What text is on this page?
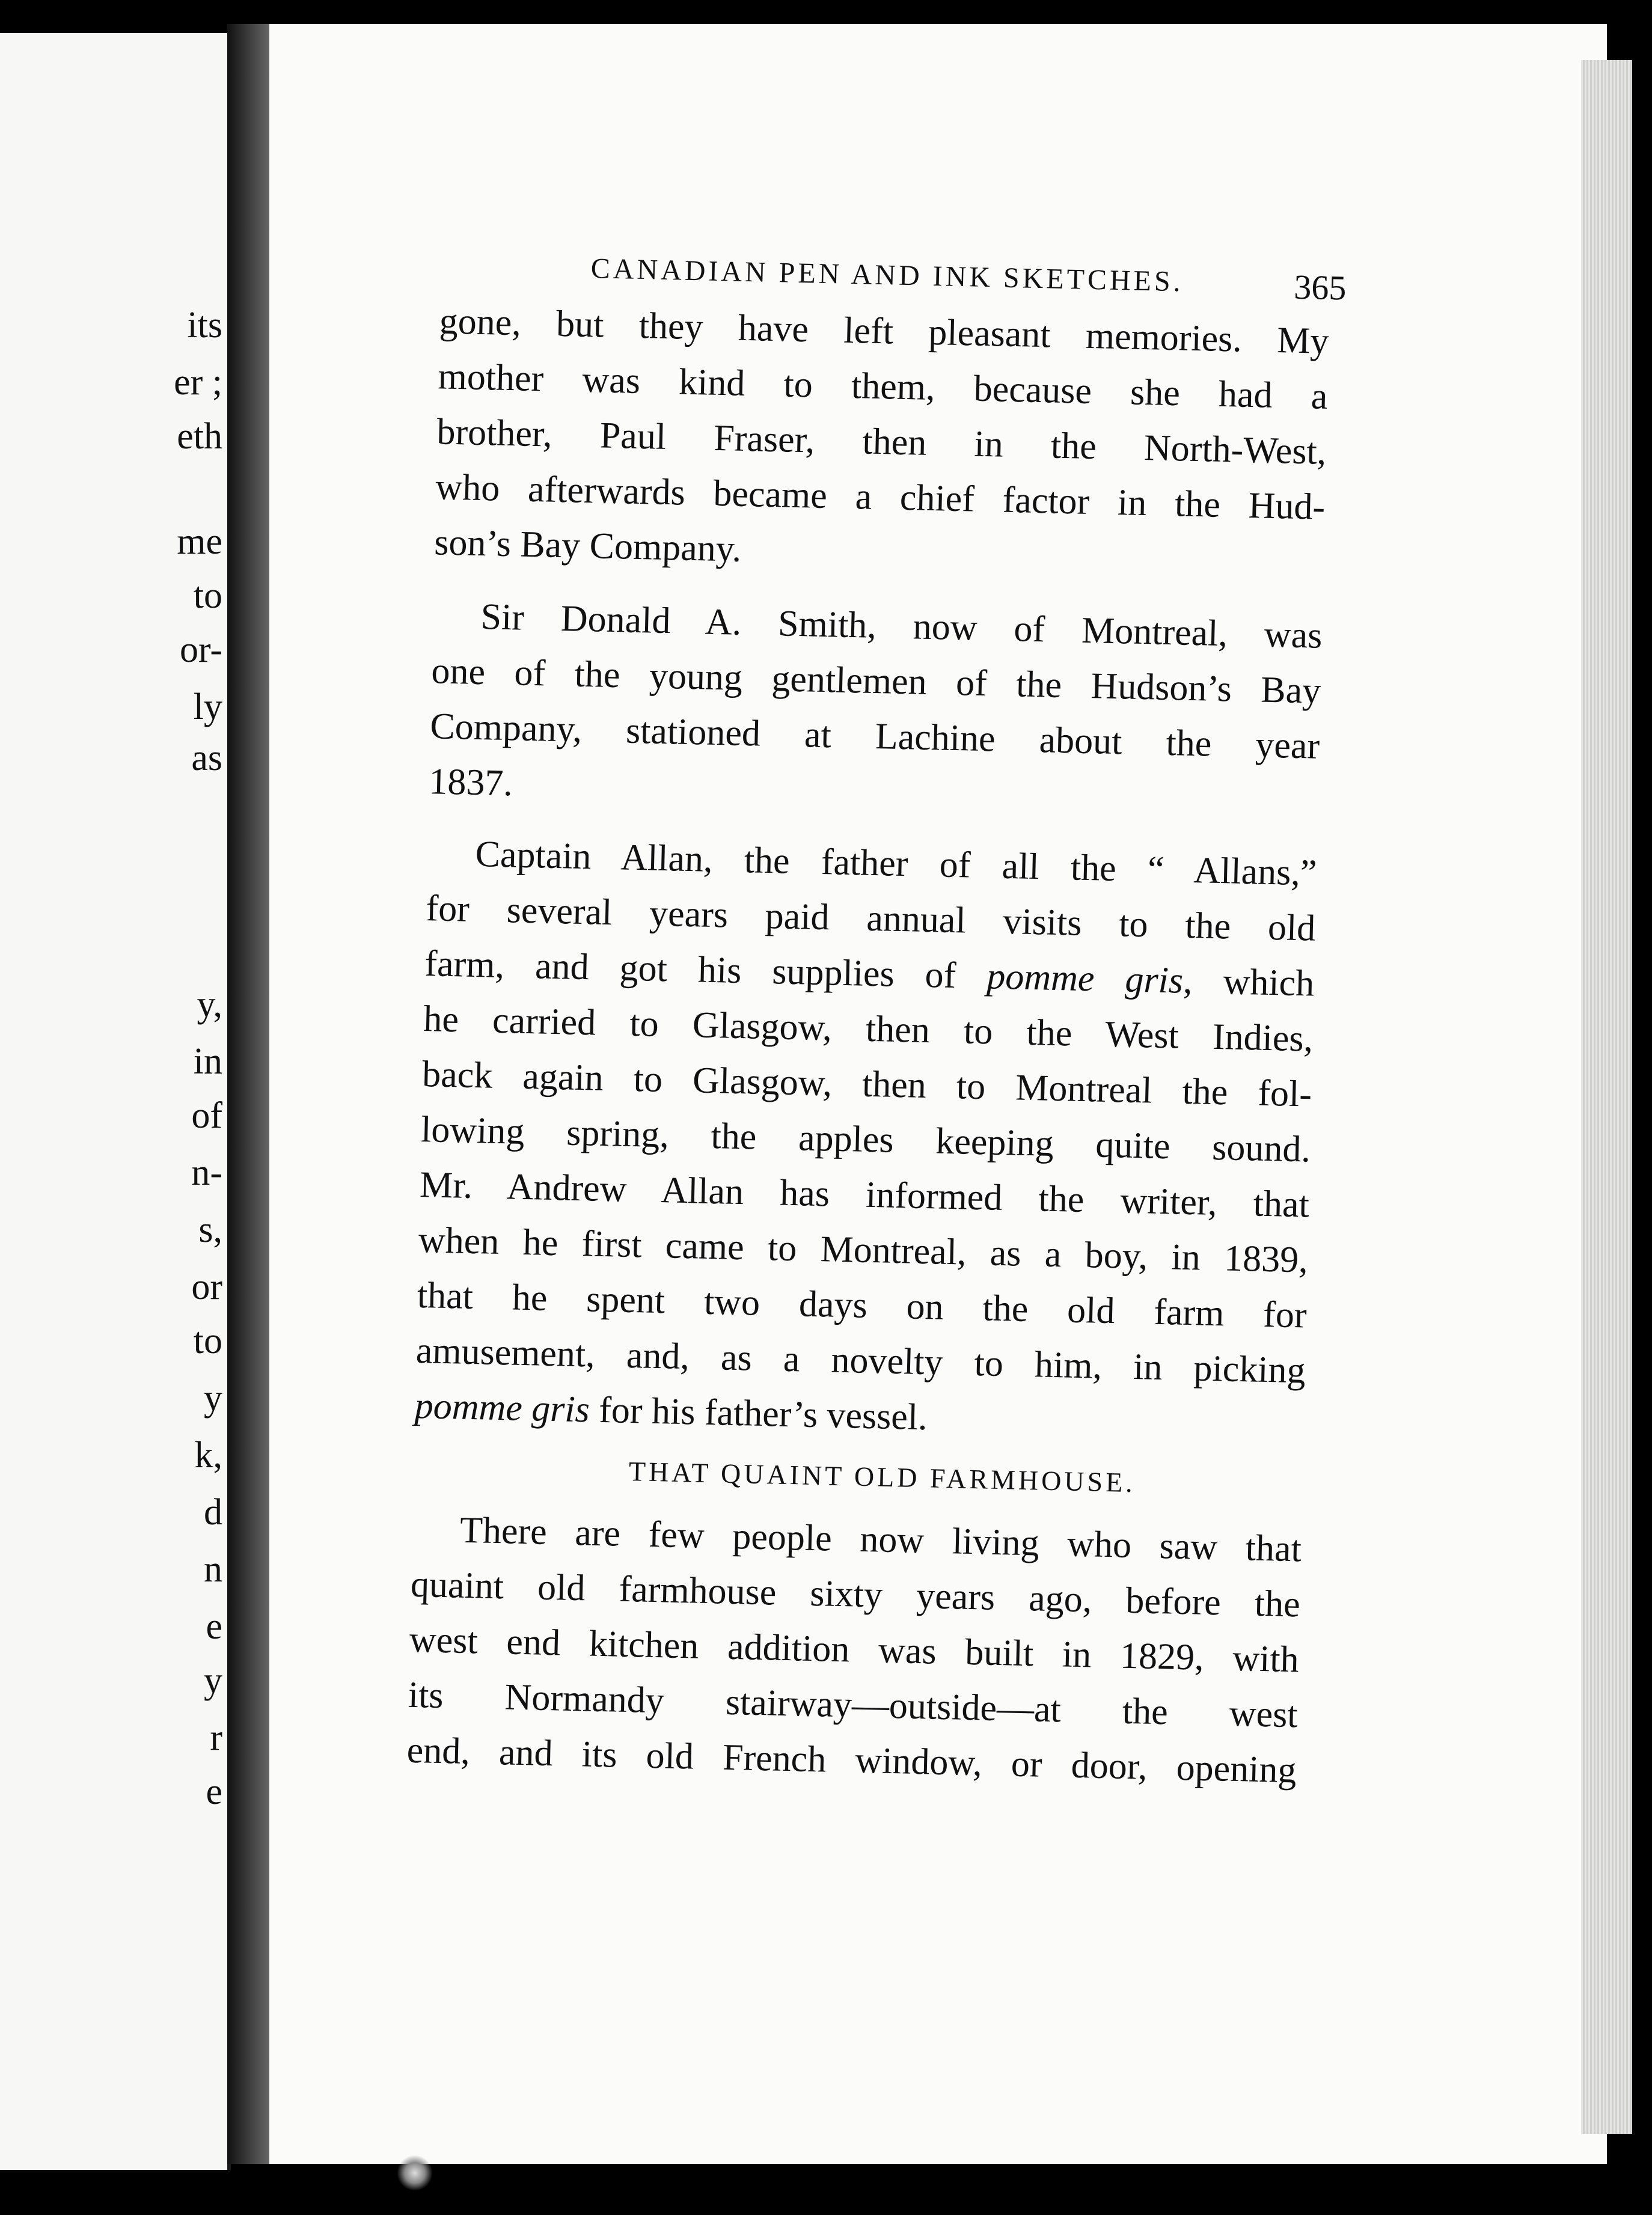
its
er ;
eth
me
to
or-
ly
as
y,
in
of
n-
s,
or
to
y
k,
d
n
e
y
r
e
CANADIAN PEN AND INK SKETCHES.	365
gone, but they have left pleasant memories. My
mother was kind to them, because she had a
brother, Paul Fraser, then in the North-West,
who afterwards became a chief factor in the Hud-
son’s Bay Company.
Sir Donald A. Smith, now of Montreal, was
one of the young gentlemen of the Hudson’s Bay
Company, stationed at Lachine about the year
1837.
Captain Allan, the father of all the “ Allans,”
for several years paid annual visits to the old
farm, and got his supplies of pomme gris, which
he carried to Glasgow, then to the West Indies,
back again to Glasgow, then to Montreal the fol-
lowing spring, the apples keeping quite sound.
Mr. Andrew Allan has informed the writer, that
when he first came to Montreal, as a boy, in 1839,
that he spent two days on the old farm for
amusement, and, as a novelty to him, in picking
pomme gris for his father’s vessel.
THAT QUAINT OLD FARMHOUSE.
There are few people now living who saw that
quaint old farmhouse sixty years ago, before the
west end kitchen addition was built in 1829, with
its Normandy stairway—outside—at the west
end, and its old French window, or door, opening
